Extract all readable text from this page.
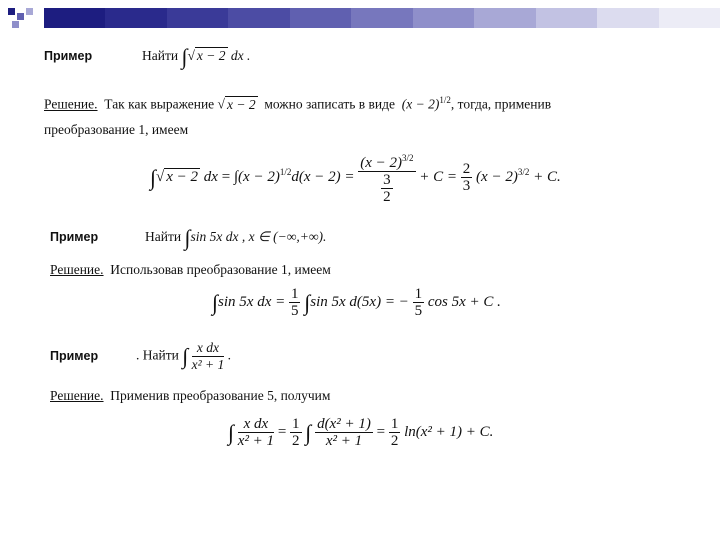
Пример	Найти ∫√ x − 2 dx .
Решение. Так как выражение √ x − 2 можно записать в виде $(x - 2)^{1/2}$, тогда, применив
преобразование 1, имеем
∫√ x − 2 dx = $\int(x - 2)^{1/2}d(x - 2) = \frac{(x - 2)^{3/2}}{\frac{3}{2}} + C = \frac{2}{3} (x - 2)^{3/2} + C$.
Пример	Найти ∫sin 5x dx , x ∈ (−∞,+∞).
Решение. Использовав преобразование 1, имеем
∫sin 5x dx = $\frac{1}{5} \int\sin$ 5x d(5x) = − $\frac{1}{5}$ cos 5x + C .
Пример	. Найти ∫ $\frac{\text{x dx}}{\text{x² + 1}}$ .
Решение. Применив преобразование 5, получим
∫ $\frac{\text{x dx}}{\text{x² + 1}} = \frac{1}{2}$ ∫ $\frac{\text{d(x² + 1)}}{\text{x² + 1}} = \frac{1}{2} \ln(x^2 + 1) + C$.
